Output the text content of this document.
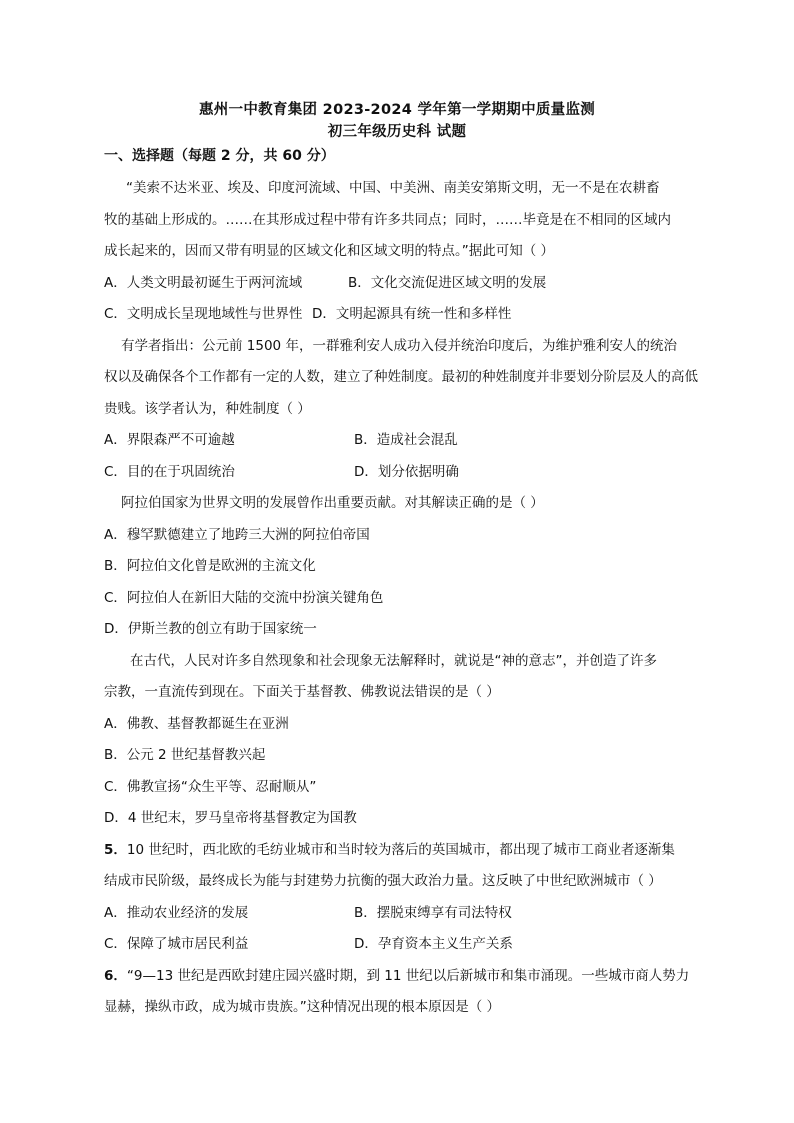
惠州一中教育集团 2023-2024 学年第一学期期中质量监测
初三年级历史科 试题
一、选择题（每题 2 分，共 60 分）
“美索不达米亚、埃及、印度河流域、中国、中美洲、南美安第斯文明，无一不是在农耕畜
牧的基础上形成的。……在其形成过程中带有许多共同点；同时，……毕竟是在不相同的区域内
成长起来的，因而又带有明显的区域文化和区域文明的特点。”据此可知（ ）
A．人类文明最初诞生于两河流域	B．文化交流促进区域文明的发展
C．文明成长呈现地域性与世界性 D．文明起源具有统一性和多样性
有学者指出：公元前 1500 年，一群雅利安人成功入侵并统治印度后，为维护雅利安人的统治
权以及确保各个工作都有一定的人数，建立了种姓制度。最初的种姓制度并非要划分阶层及人的高低
贵贱。该学者认为，种姓制度（ ）
A．界限森严不可逾越	B．造成社会混乱
C．目的在于巩固统治	D．划分依据明确
阿拉伯国家为世界文明的发展曾作出重要贡献。对其解读正确的是（ ）
A．穆罕默德建立了地跨三大洲的阿拉伯帝国
B．阿拉伯文化曾是欧洲的主流文化
C．阿拉伯人在新旧大陆的交流中扮演关键角色
D．伊斯兰教的创立有助于国家统一
在古代，人民对许多自然现象和社会现象无法解释时，就说是“神的意志”，并创造了许多
宗教，一直流传到现在。下面关于基督教、佛教说法错误的是（ ）
A．佛教、基督教都诞生在亚洲
B．公元 2 世纪基督教兴起
C．佛教宣扬“众生平等、忍耐顺从”
D．4 世纪末，罗马皇帝将基督教定为国教
5．10 世纪时，西北欧的毛纺业城市和当时较为落后的英国城市，都出现了城市工商业者逐渐集
结成市民阶级，最终成长为能与封建势力抗衡的强大政治力量。这反映了中世纪欧洲城市（ ）
A．推动农业经济的发展	B．摆脱束缚享有司法特权
C．保障了城市居民利益	D．孕育资本主义生产关系
6．“9—13 世纪是西欧封建庄园兴盛时期，到 11 世纪以后新城市和集市涌现。一些城市商人势力
显赫，操纵市政，成为城市贵族。”这种情况出现的根本原因是（ ）
